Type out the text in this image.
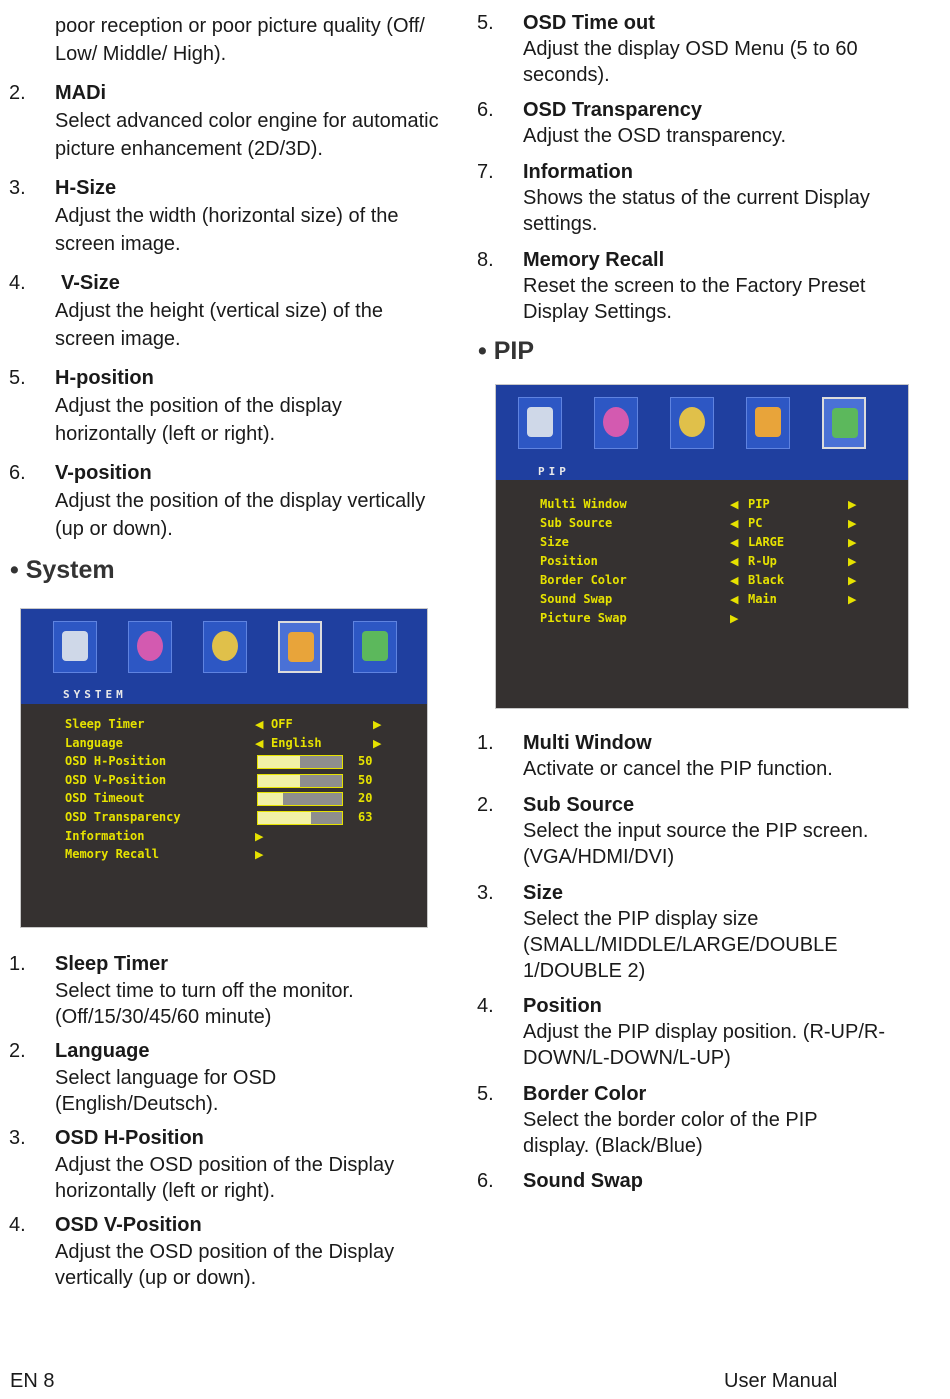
poor reception or poor picture quality (Off/ Low/ Middle/ High).
2. MADi
Select advanced color engine for automatic picture enhancement (2D/3D).
3. H-Size
Adjust the width (horizontal size) of the screen image.
4.	V-Size
Adjust the height (vertical size) of the screen image.
5. H-position
Adjust the position of the display horizontally (left or right).
6. V-position
Adjust the position of the display vertically (up or down).
• System
SYSTEM
Sleep Timer	◀ OFF	▶
Language	◀ English	▶
OSD H-Position	50
OSD V-Position	50
OSD Timeout	20
OSD Transparency	63
Information	▶
Memory Recall	▶
1. Sleep Timer
Select time to turn off the monitor. (Off/15/30/45/60 minute)
2. Language
Select language for OSD (English/Deutsch).
3. OSD H-Position
Adjust the OSD position of the Display horizontally (left or right).
4. OSD V-Position
Adjust the OSD position of the Display vertically (up or down).
5. OSD Time out
Adjust the display OSD Menu (5 to 60 seconds).
6. OSD Transparency
Adjust the OSD transparency.
7. Information
Shows the status of the current Display settings.
8. Memory Recall
Reset the screen to the Factory Preset Display Settings.
• PIP
PIP
Multi Window	◀ PIP	▶
Sub Source	◀ PC	▶
Size	◀ LARGE	▶
Position	◀ R-Up	▶
Border Color	◀ Black	▶
Sound Swap	◀ Main	▶
Picture Swap	▶
1. Multi Window
Activate or cancel the PIP function.
2. Sub Source
Select the input source the PIP screen. (VGA/HDMI/DVI)
3. Size
Select the PIP display size (SMALL/MIDDLE/LARGE/DOUBLE 1/DOUBLE 2)
4. Position
Adjust the PIP display position. (R-UP/R-DOWN/L-DOWN/L-UP)
5. Border Color
Select the border color of the PIP display. (Black/Blue)
6. Sound Swap
EN 8	User Manual
